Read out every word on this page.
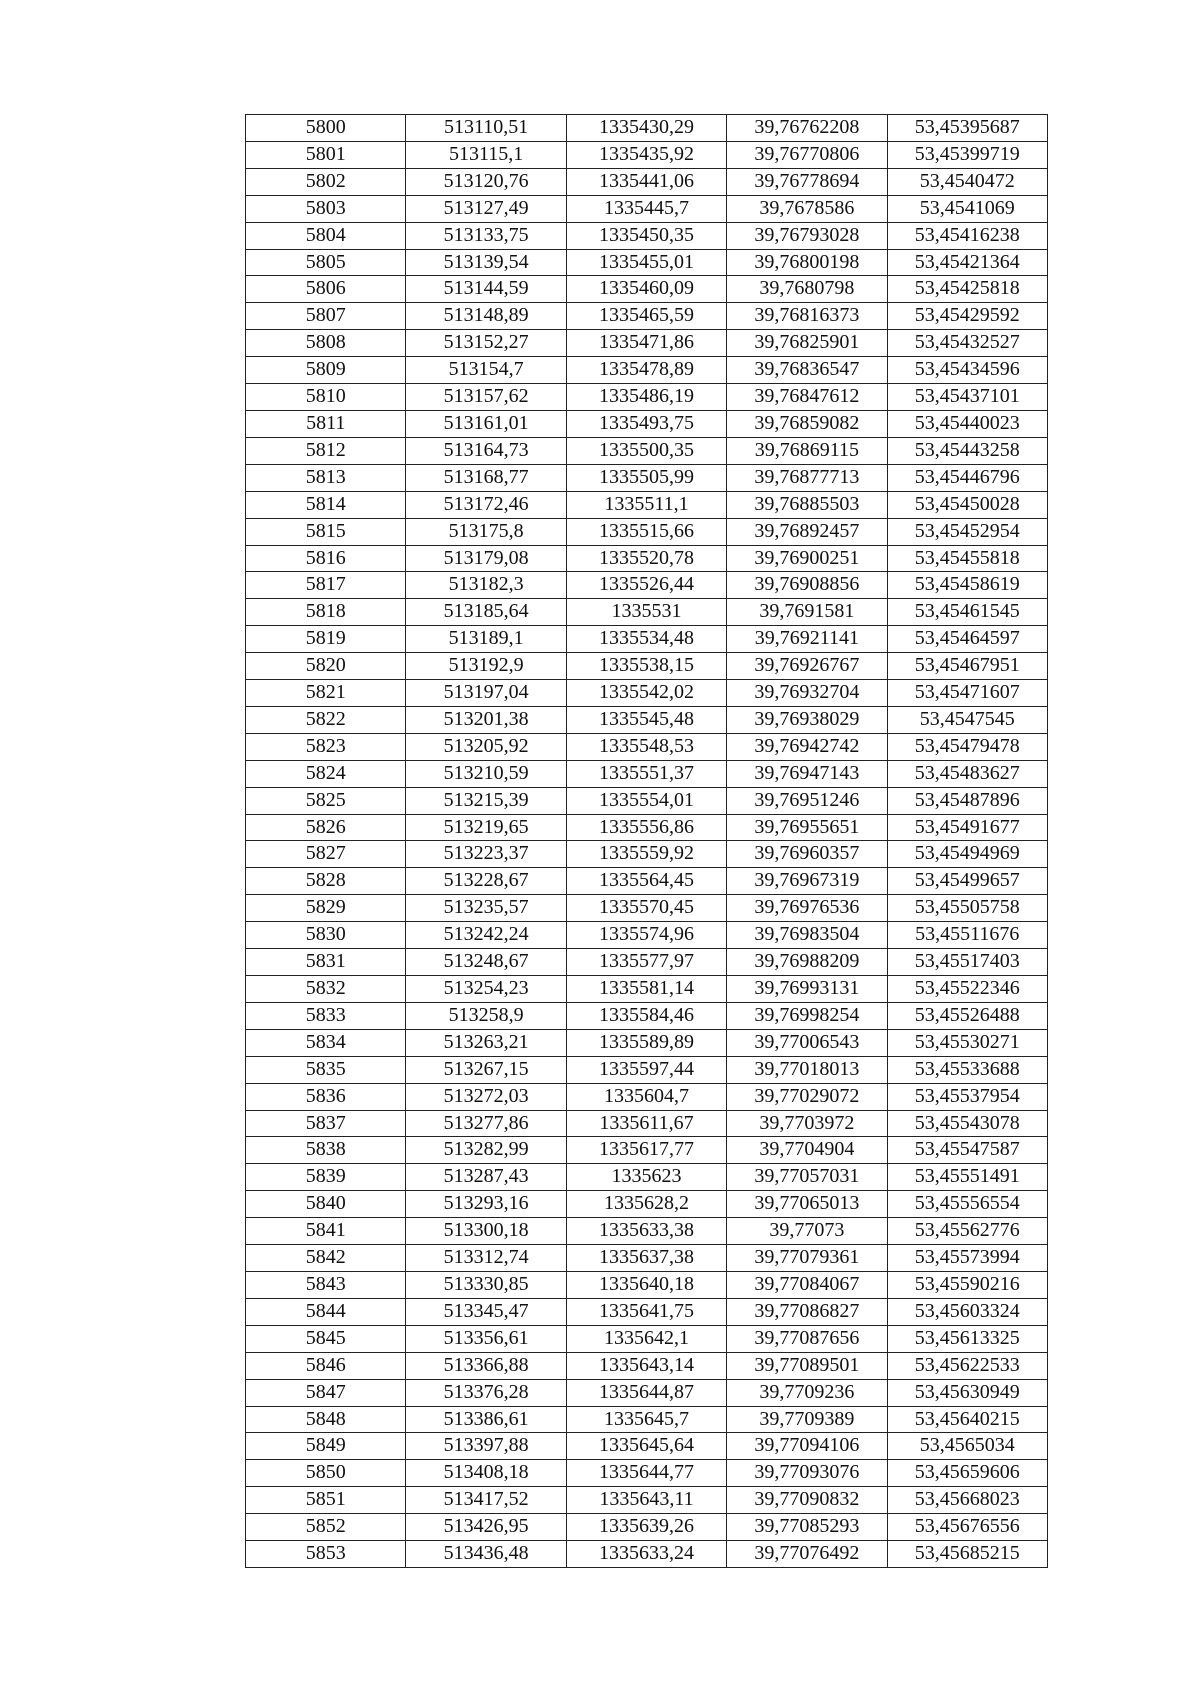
5800	513110,51	1335430,29	39,76762208	53,45395687
5801	513115,1	1335435,92	39,76770806	53,45399719
5802	513120,76	1335441,06	39,76778694	53,4540472
5803	513127,49	1335445,7	39,7678586	53,4541069
5804	513133,75	1335450,35	39,76793028	53,45416238
5805	513139,54	1335455,01	39,76800198	53,45421364
5806	513144,59	1335460,09	39,7680798	53,45425818
5807	513148,89	1335465,59	39,76816373	53,45429592
5808	513152,27	1335471,86	39,76825901	53,45432527
5809	513154,7	1335478,89	39,76836547	53,45434596
5810	513157,62	1335486,19	39,76847612	53,45437101
5811	513161,01	1335493,75	39,76859082	53,45440023
5812	513164,73	1335500,35	39,76869115	53,45443258
5813	513168,77	1335505,99	39,76877713	53,45446796
5814	513172,46	1335511,1	39,76885503	53,45450028
5815	513175,8	1335515,66	39,76892457	53,45452954
5816	513179,08	1335520,78	39,76900251	53,45455818
5817	513182,3	1335526,44	39,76908856	53,45458619
5818	513185,64	1335531	39,7691581	53,45461545
5819	513189,1	1335534,48	39,76921141	53,45464597
5820	513192,9	1335538,15	39,76926767	53,45467951
5821	513197,04	1335542,02	39,76932704	53,45471607
5822	513201,38	1335545,48	39,76938029	53,4547545
5823	513205,92	1335548,53	39,76942742	53,45479478
5824	513210,59	1335551,37	39,76947143	53,45483627
5825	513215,39	1335554,01	39,76951246	53,45487896
5826	513219,65	1335556,86	39,76955651	53,45491677
5827	513223,37	1335559,92	39,76960357	53,45494969
5828	513228,67	1335564,45	39,76967319	53,45499657
5829	513235,57	1335570,45	39,76976536	53,45505758
5830	513242,24	1335574,96	39,76983504	53,45511676
5831	513248,67	1335577,97	39,76988209	53,45517403
5832	513254,23	1335581,14	39,76993131	53,45522346
5833	513258,9	1335584,46	39,76998254	53,45526488
5834	513263,21	1335589,89	39,77006543	53,45530271
5835	513267,15	1335597,44	39,77018013	53,45533688
5836	513272,03	1335604,7	39,77029072	53,45537954
5837	513277,86	1335611,67	39,7703972	53,45543078
5838	513282,99	1335617,77	39,7704904	53,45547587
5839	513287,43	1335623	39,77057031	53,45551491
5840	513293,16	1335628,2	39,77065013	53,45556554
5841	513300,18	1335633,38	39,77073	53,45562776
5842	513312,74	1335637,38	39,77079361	53,45573994
5843	513330,85	1335640,18	39,77084067	53,45590216
5844	513345,47	1335641,75	39,77086827	53,45603324
5845	513356,61	1335642,1	39,77087656	53,45613325
5846	513366,88	1335643,14	39,77089501	53,45622533
5847	513376,28	1335644,87	39,7709236	53,45630949
5848	513386,61	1335645,7	39,7709389	53,45640215
5849	513397,88	1335645,64	39,77094106	53,4565034
5850	513408,18	1335644,77	39,77093076	53,45659606
5851	513417,52	1335643,11	39,77090832	53,45668023
5852	513426,95	1335639,26	39,77085293	53,45676556
5853	513436,48	1335633,24	39,77076492	53,45685215
